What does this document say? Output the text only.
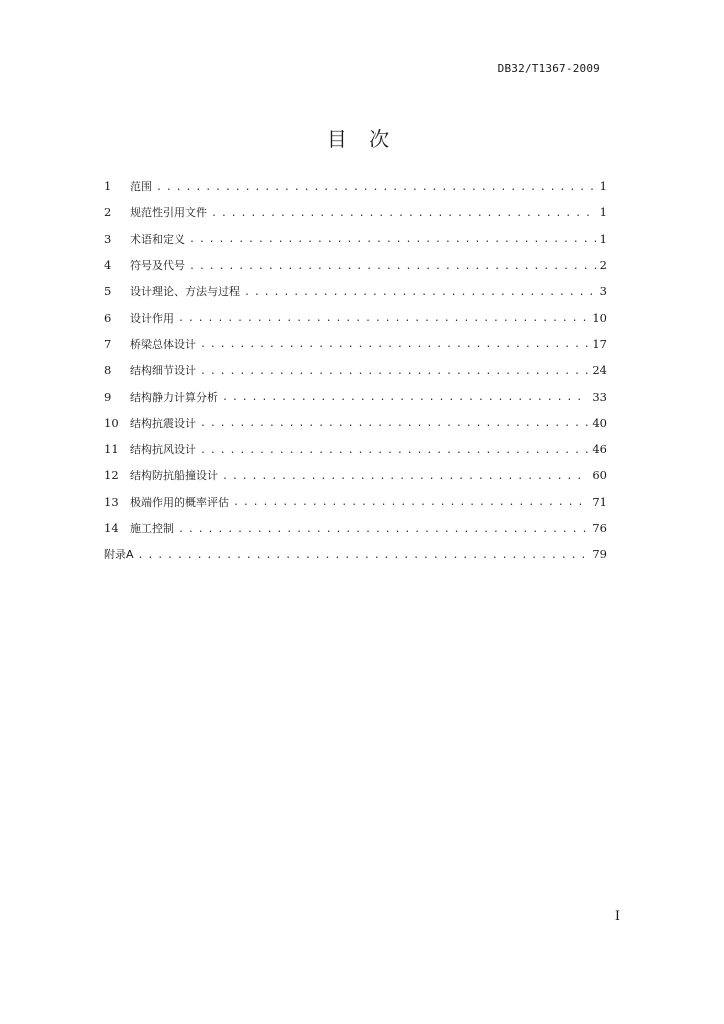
DB32/T1367-2009
目 次
1	范围 . . .	1
2	规范性引用文件 . . .	1
3	术语和定义 . . .	1
4	符号及代号 . . .	2
5	设计理论、方法与过程 . . .	3
6	设计作用 . . .	10
7	桥梁总体设计 . . .	17
8	结构细节设计 . . .	24
9	结构静力计算分析 . . .	33
10	结构抗震设计 . . .	40
11	结构抗风设计 . . .	46
12	结构防抗船撞设计 . . .	60
13	极端作用的概率评估 . . .	71
14	施工控制 . . .	76
附录A . . .	79
I
